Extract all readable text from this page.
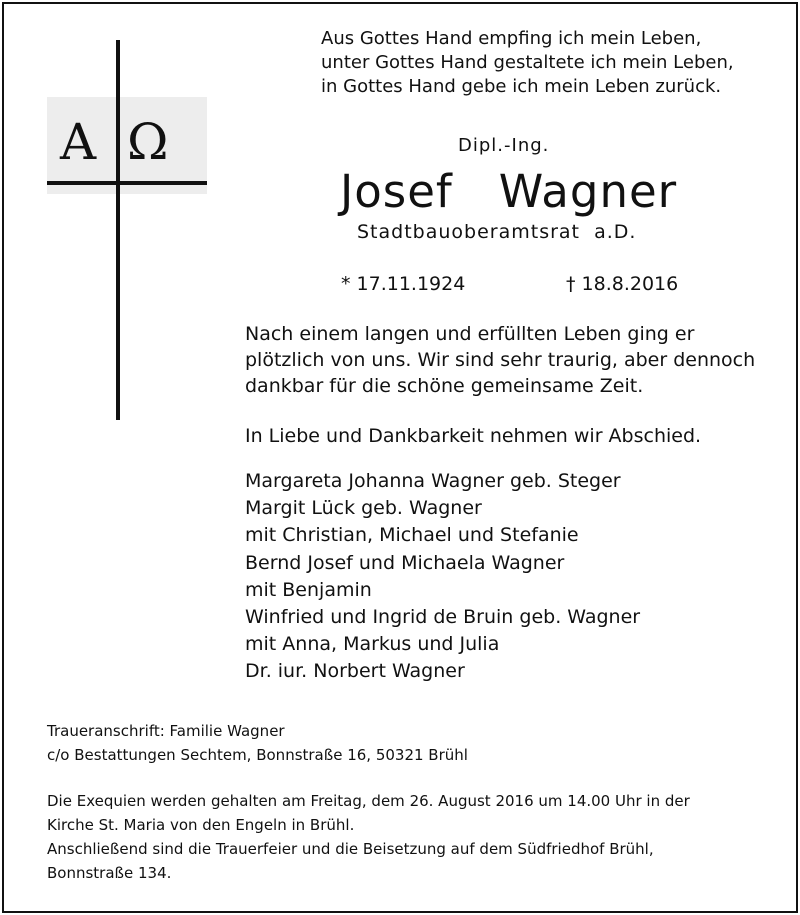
Aus Gottes Hand empfing ich mein Leben,
unter Gottes Hand gestaltete ich mein Leben,
in Gottes Hand gebe ich mein Leben zurück.
A Ω	Dipl.-Ing.
Josef   Wagner
Stadtbauoberamtsrat  a.D.
* 17.11.1924	† 18.8.2016
Nach einem langen und erfüllten Leben ging er
plötzlich von uns. Wir sind sehr traurig, aber dennoch
dankbar für die schöne gemeinsame Zeit.
In Liebe und Dankbarkeit nehmen wir Abschied.
Margareta Johanna Wagner geb. Steger
Margit Lück geb. Wagner
mit Christian, Michael und Stefanie
Bernd Josef und Michaela Wagner
mit Benjamin
Winfried und Ingrid de Bruin geb. Wagner
mit Anna, Markus und Julia
Dr. iur. Norbert Wagner
Traueranschrift: Familie Wagner
c/o Bestattungen Sechtem, Bonnstraße 16, 50321 Brühl
Die Exequien werden gehalten am Freitag, dem 26. August 2016 um 14.00 Uhr in der
Kirche St. Maria von den Engeln in Brühl.
Anschließend sind die Trauerfeier und die Beisetzung auf dem Südfriedhof Brühl,
Bonnstraße 134.
